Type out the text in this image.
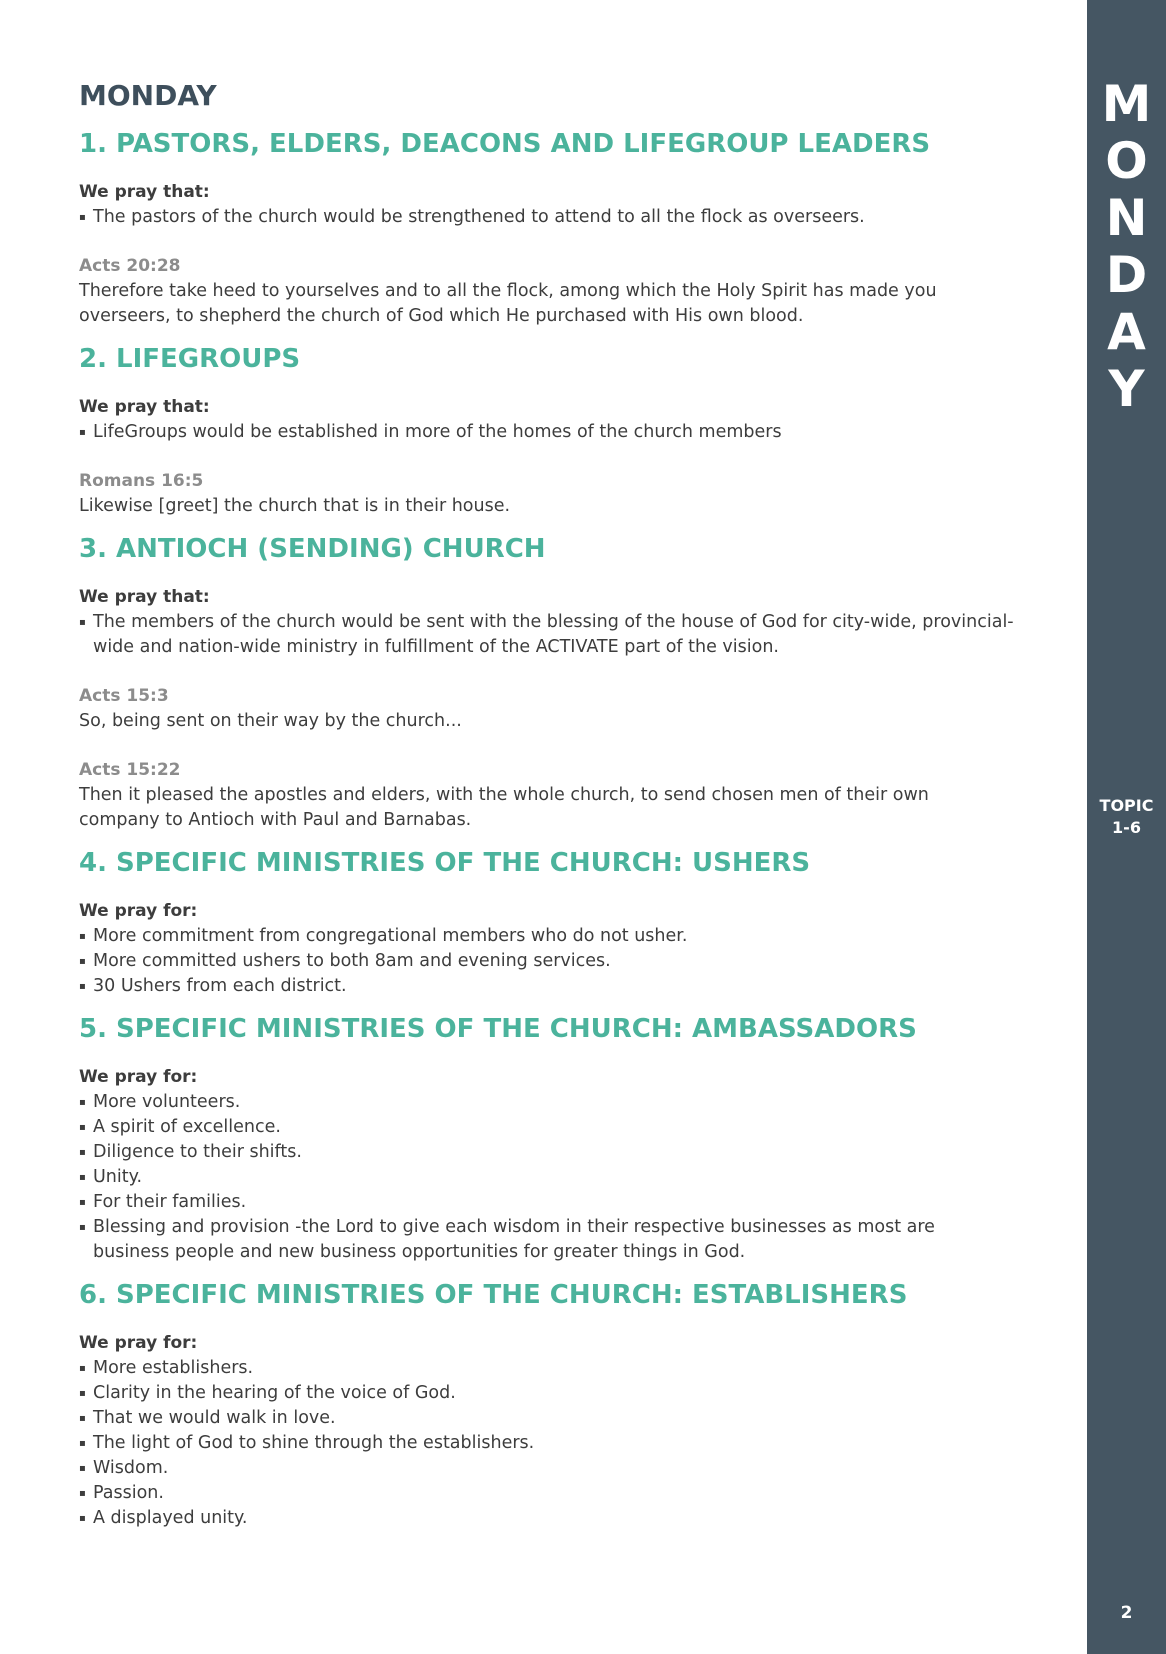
MONDAY
1. PASTORS, ELDERS, DEACONS AND LIFEGROUP LEADERS

We pray that:

▪ The pastors of the church would be strengthened to attend to all the flock as overseers.

Acts 20:28

Therefore take heed to yourselves and to all the flock, among which the Holy Spirit has made you overseers, to shepherd the church of God which He purchased with His own blood.

2. LIFEGROUPS

We pray that:

▪ LifeGroups would be established in more of the homes of the church members

Romans 16:5

Likewise [greet] the church that is in their house.

3. ANTIOCH (SENDING) CHURCH

We pray that:

▪ The members of the church would be sent with the blessing of the house of God for city-wide, provincial-wide and nation-wide ministry in fulfillment of the ACTIVATE part of the vision.

Acts 15:3

So, being sent on their way by the church...

Acts 15:22

Then it pleased the apostles and elders, with the whole church, to send chosen men of their own company to Antioch with Paul and Barnabas.

4. SPECIFIC MINISTRIES OF THE CHURCH: USHERS

We pray for:

▪ More commitment from congregational members who do not usher.
▪ More committed ushers to both 8am and evening services.
▪ 30 Ushers from each district.
5. SPECIFIC MINISTRIES OF THE CHURCH: AMBASSADORS

We pray for:

▪ More volunteers.
▪ A spirit of excellence.
▪ Diligence to their shifts.
▪ Unity.
▪ For their families.
▪ Blessing and provision -the Lord to give each wisdom in their respective businesses as most are business people and new business opportunities for greater things in God.
6. SPECIFIC MINISTRIES OF THE CHURCH: ESTABLISHERS

We pray for:

▪ More establishers.
▪ Clarity in the hearing of the voice of God.
▪ That we would walk in love.
▪ The light of God to shine through the establishers.
▪ Wisdom.
▪ Passion.
▪ A displayed unity.
M
O
N
D
A
Y
TOPIC
1-6
2
